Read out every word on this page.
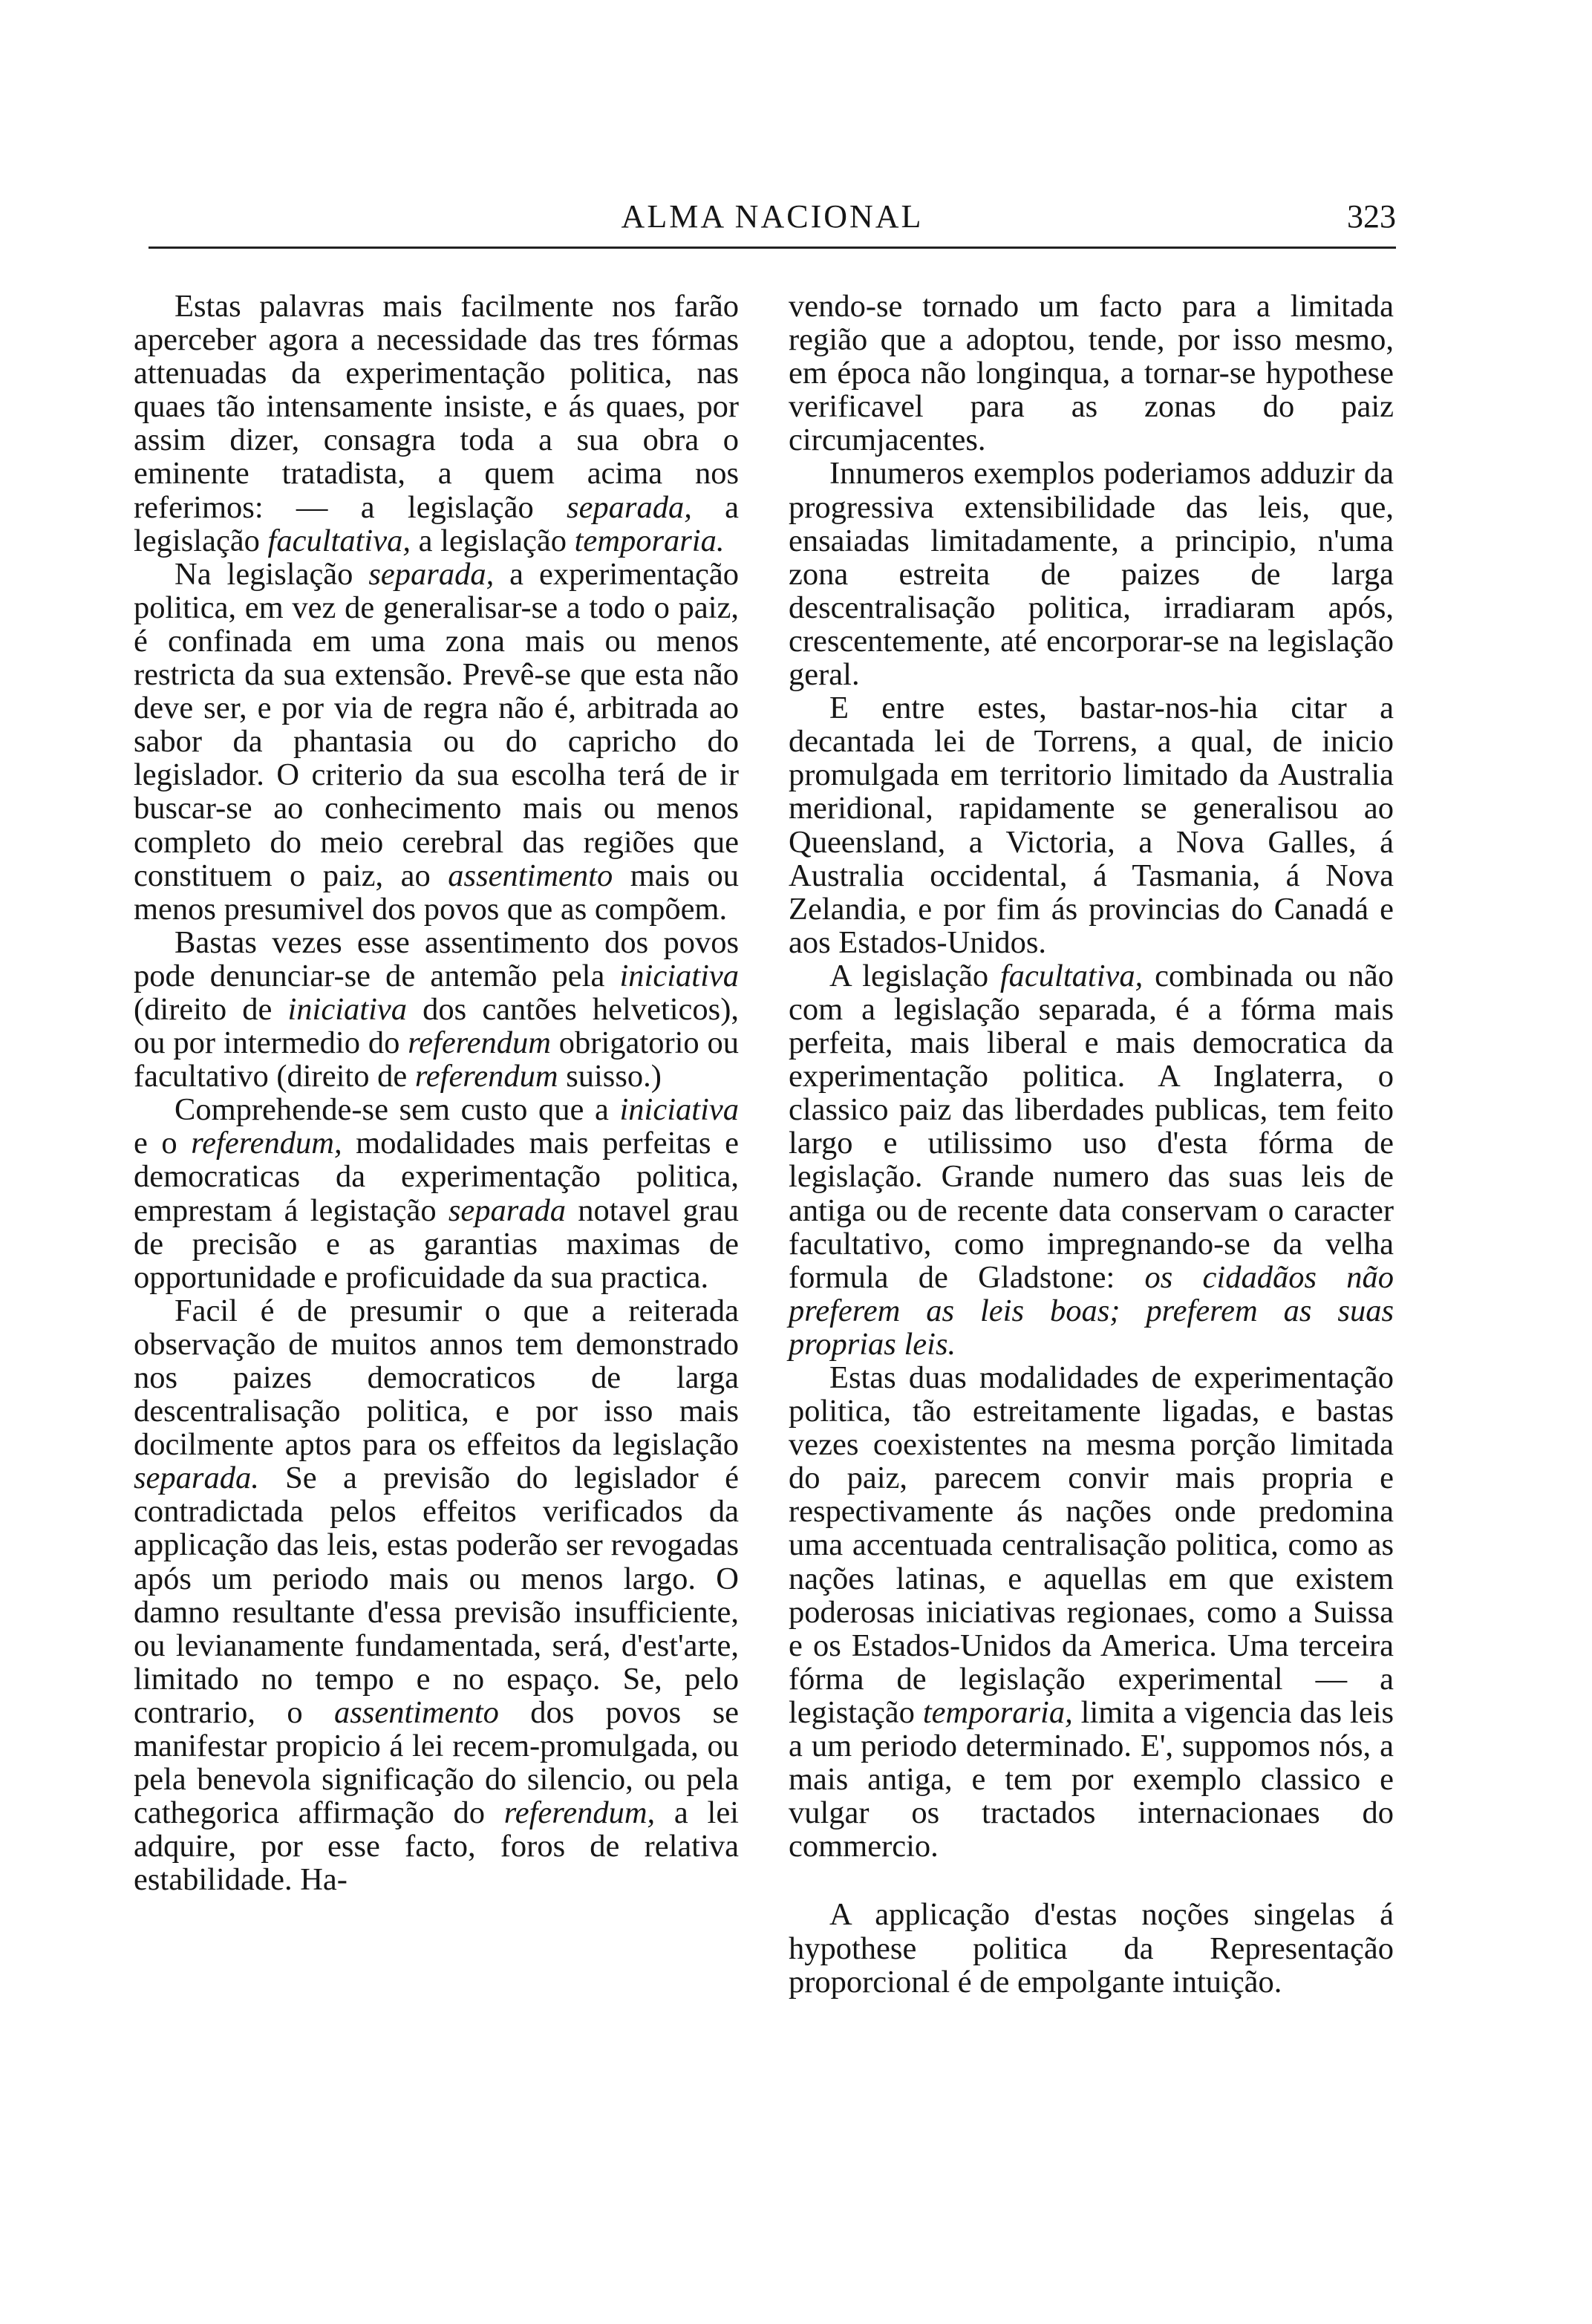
ALMA NACIONAL	323

Estas palavras mais facilmente nos farão aperceber agora a necessidade das tres fórmas attenuadas da experimentação politica, nas quaes tão intensamente insiste, e ás quaes, por assim dizer, consagra toda a sua obra o eminente tratadista, a quem acima nos referimos: — a legislação separada, a legislação facultativa, a legislação temporaria.

Na legislação separada, a experimentação politica, em vez de generalisar-se a todo o paiz, é confinada em uma zona mais ou menos restricta da sua extensão. Prevê-se que esta não deve ser, e por via de regra não é, arbitrada ao sabor da phantasia ou do capricho do legislador. O criterio da sua escolha terá de ir buscar-se ao conhecimento mais ou menos completo do meio cerebral das regiões que constituem o paiz, ao assentimento mais ou menos presumivel dos povos que as compõem.

Bastas vezes esse assentimento dos povos pode denunciar-se de antemão pela iniciativa (direito de iniciativa dos cantões helveticos), ou por intermedio do referendum obrigatorio ou facultativo (direito de referendum suisso.)

Comprehende-se sem custo que a iniciativa e o referendum, modalidades mais perfeitas e democraticas da experimentação politica, emprestam á legistação separada notavel grau de precisão e as garantias maximas de opportunidade e proficuidade da sua practica.

Facil é de presumir o que a reiterada observação de muitos annos tem demonstrado nos paizes democraticos de larga descentralisação politica, e por isso mais docilmente aptos para os effeitos da legislação separada. Se a previsão do legislador é contradictada pelos effeitos verificados da applicação das leis, estas poderão ser revogadas após um periodo mais ou menos largo. O damno resultante d'essa previsão insufficiente, ou levianamente fundamentada, será, d'est'arte, limitado no tempo e no espaço. Se, pelo contrario, o assentimento dos povos se manifestar propicio á lei recem-promulgada, ou pela benevola significação do silencio, ou pela cathegorica affirmação do referendum, a lei adquire, por esse facto, foros de relativa estabilidade. Ha-

vendo-se tornado um facto para a limitada região que a adoptou, tende, por isso mesmo, em época não longinqua, a tornar-se hypothese verificavel para as zonas do paiz circumjacentes.

Innumeros exemplos poderiamos adduzir da progressiva extensibilidade das leis, que, ensaiadas limitadamente, a principio, n'uma zona estreita de paizes de larga descentralisação politica, irradiaram após, crescentemente, até encorporar-se na legislação geral.

E entre estes, bastar-nos-hia citar a decantada lei de Torrens, a qual, de inicio promulgada em territorio limitado da Australia meridional, rapidamente se generalisou ao Queensland, a Victoria, a Nova Galles, á Australia occidental, á Tasmania, á Nova Zelandia, e por fim ás provincias do Canadá e aos Estados-Unidos.

A legislação facultativa, combinada ou não com a legislação separada, é a fórma mais perfeita, mais liberal e mais democratica da experimentação politica. A Inglaterra, o classico paiz das liberdades publicas, tem feito largo e utilissimo uso d'esta fórma de legislação. Grande numero das suas leis de antiga ou de recente data conservam o caracter facultativo, como impregnando-se da velha formula de Gladstone: os cidadãos não preferem as leis boas; preferem as suas proprias leis.

Estas duas modalidades de experimentação politica, tão estreitamente ligadas, e bastas vezes coexistentes na mesma porção limitada do paiz, parecem convir mais propria e respectivamente ás nações onde predomina uma accentuada centralisação politica, como as nações latinas, e aquellas em que existem poderosas iniciativas regionaes, como a Suissa e os Estados-Unidos da America. Uma terceira fórma de legislação experimental — a legistação temporaria, limita a vigencia das leis a um periodo determinado. E', suppomos nós, a mais antiga, e tem por exemplo classico e vulgar os tractados internacionaes do commercio.

A applicação d'estas noções singelas á hypothese politica da Representação proporcional é de empolgante intuição.
